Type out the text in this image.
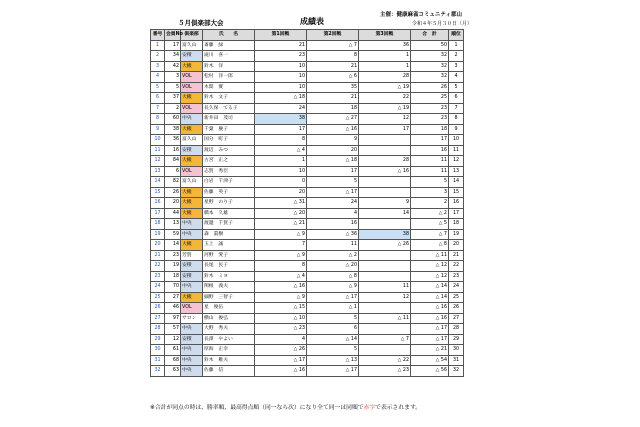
５月倶楽部大会	成績表
主催：健康麻雀コミュニティ郡山
令和４年５月３０日（月）
番号	会員No	倶楽部	氏　　名	第1回戦	第2回戦	第3回戦	合　計	順位
1	17	富久山	斎藤　緑	21	△ 7	36	50	1
2	34	安積	滝川　喜一	23	8	1	32	2
3	42	大槻	鈴木　洋	10	21	1	32	3
4	3	VOL	松村　洋一郎	10	△ 6	28	32	4
5	5	VOL	木間　實	10	35	△ 19	26	5
6	37	大槻	鈴木　文子	△ 18	21	22	25	6
7	2	VOL	長久保　てる子	24	18	△ 19	23	7
8	60	中央	新井田　茂司	38	△ 27	12	23	8
9	38	大槻	千葉　慶子	17	△ 16	17	18	9
10	36	富久山	国分　町子	8	9		17	10
11	16	安積	渡辺　みつ	△ 4	20		16	11
12	84	大槻	古宮　正之	1	△ 18	28	11	12
13	6	VOL	志賀　秀臣	10	17	△ 16	11	13
14	82	富久山	白岩　千津子	0	5		5	14
15	26	大槻	佐藤　英子	20	△ 17		3	15
16	20	大槻	星野　のり子	△ 31	24	9	2	16
17	44	大槻	橋本　久雄	△ 20	4	14	△ 2	17
18	13	中央	渡邊　千賀子	△ 21	16		△ 5	18
19	59	中央	森　眞樹	△ 9	△ 36	38	△ 7	19
20	14	大槻	玉上　誠	7	11	△ 26	△ 8	20
21	23	芳賀	河野　愛子	△ 9	△ 2		△ 11	21
22	19	安積	長尾　民子	8	△ 20		△ 12	22
23	18	安積	鈴木　ミヨ	△ 4	△ 8		△ 12	23
24	70	中央	関根　義夫	△ 16	△ 9	11	△ 14	24
25	27	大槻	細野　三智子	△ 9	△ 17	12	△ 14	25
26	46	VOL	星　俊伍	△ 15	△ 1		△ 16	26
27	97	サロン	横山　俊弘	△ 10	5	△ 11	△ 16	27
28	57	中央	大野　秀夫	△ 23	6		△ 17	28
29	12	安積	長澤　やよい	4	△ 14	△ 7	△ 17	29
30	61	中央	厚海　正幸	△ 26	5		△ 21	30
31	68	中央	鈴木　稚夫	△ 17	△ 13	△ 22	△ 54	31
32	63	中央	佐藤　信	△ 16	△ 17	△ 23	△ 56	32
※合計が同点の時は、勝率順、最高得点順（同一なら次）になり全て同一は同順で赤字で表示されます。
